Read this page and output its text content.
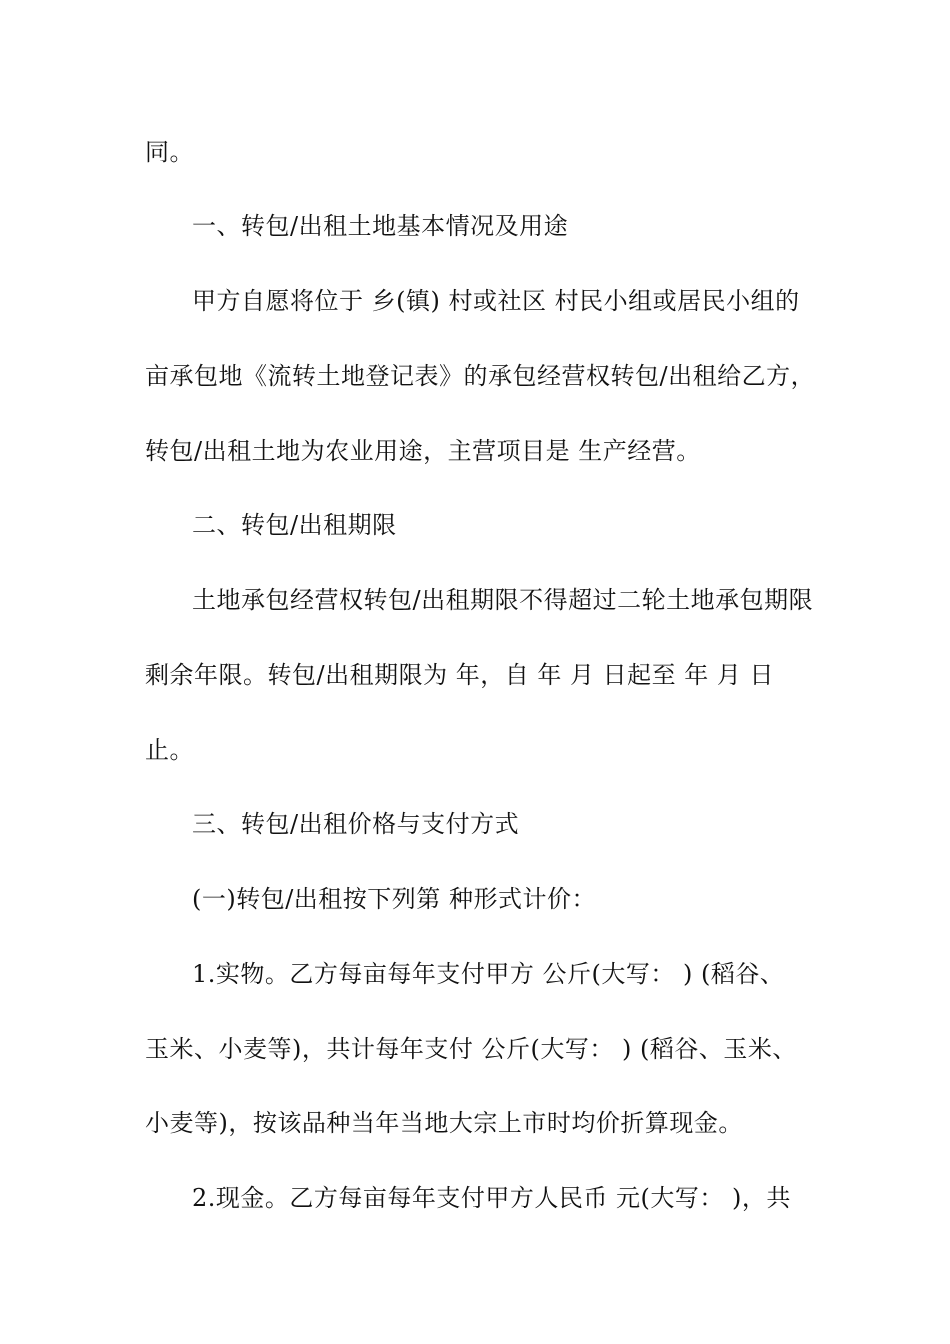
同。
一、转包/出租土地基本情况及用途
甲方自愿将位于 乡(镇) 村或社区 村民小组或居民小组的
亩承包地《流转土地登记表》的承包经营权转包/出租给乙方，
转包/出租土地为农业用途，主营项目是 生产经营。
二、转包/出租期限
土地承包经营权转包/出租期限不得超过二轮土地承包期限
剩余年限。转包/出租期限为 年，自 年 月 日起至 年 月 日
止。
三、转包/出租价格与支付方式
(一)转包/出租按下列第 种形式计价：
1.实物。乙方每亩每年支付甲方 公斤(大写： ) (稻谷、
玉米、小麦等)，共计每年支付 公斤(大写： ) (稻谷、玉米、
小麦等)，按该品种当年当地大宗上市时均价折算现金。
2.现金。乙方每亩每年支付甲方人民币 元(大写： )，共
